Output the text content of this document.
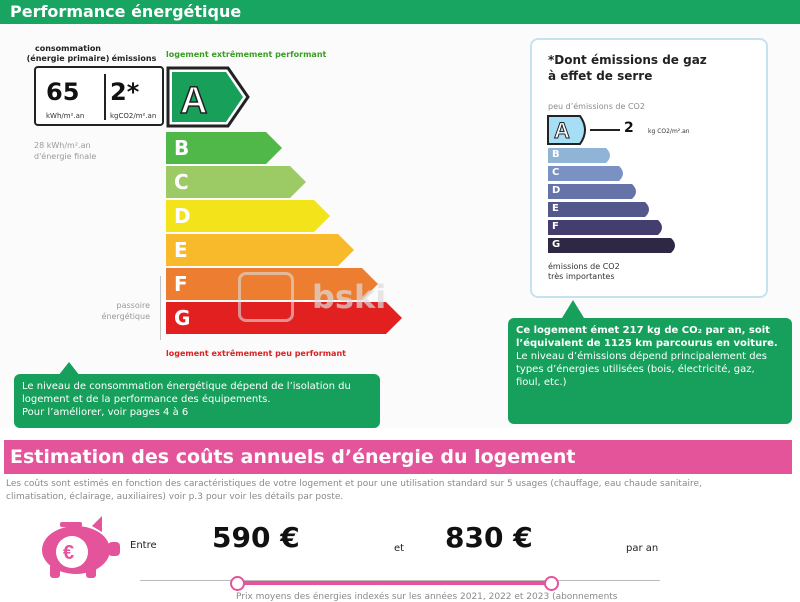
Performance énergétique
consommation
(énergie primaire) émissions
65
kWh/m².an
2*
kgCO2/m².an A
logement extrêmement performant
logement extrêmement peu performant
28 kWh/m².an
d'énergie finale
passoire
énergétique
B
C
D
E
F
G
bski
Le niveau de consommation énergétique dépend de l’isolation du
logement et de la performance des équipements.
Pour l’améliorer, voir pages 4 à 6
*Dont émissions de gaz
à effet de serre
peu d’émissions de CO2
A	2 kg CO2/m².an
B
C
D
E
F
G
émissions de CO2
très importantes
Ce logement émet 217 kg de CO₂ par an, soit
l’équivalent de 1125 km parcourus en voiture.
Le niveau d’émissions dépend principalement des
types d’énergies utilisées (bois, électricité, gaz,
fioul, etc.)
Estimation des coûts annuels d’énergie du logement
Les coûts sont estimés en fonction des caractéristiques de votre logement et pour une utilisation standard sur 5 usages (chauffage, eau chaude sanitaire,
climatisation, éclairage, auxiliaires) voir p.3 pour voir les détails par poste.
€	Entre 590 €	et 830 €	par an
Prix moyens des énergies indexés sur les années 2021, 2022 et 2023 (abonnements
